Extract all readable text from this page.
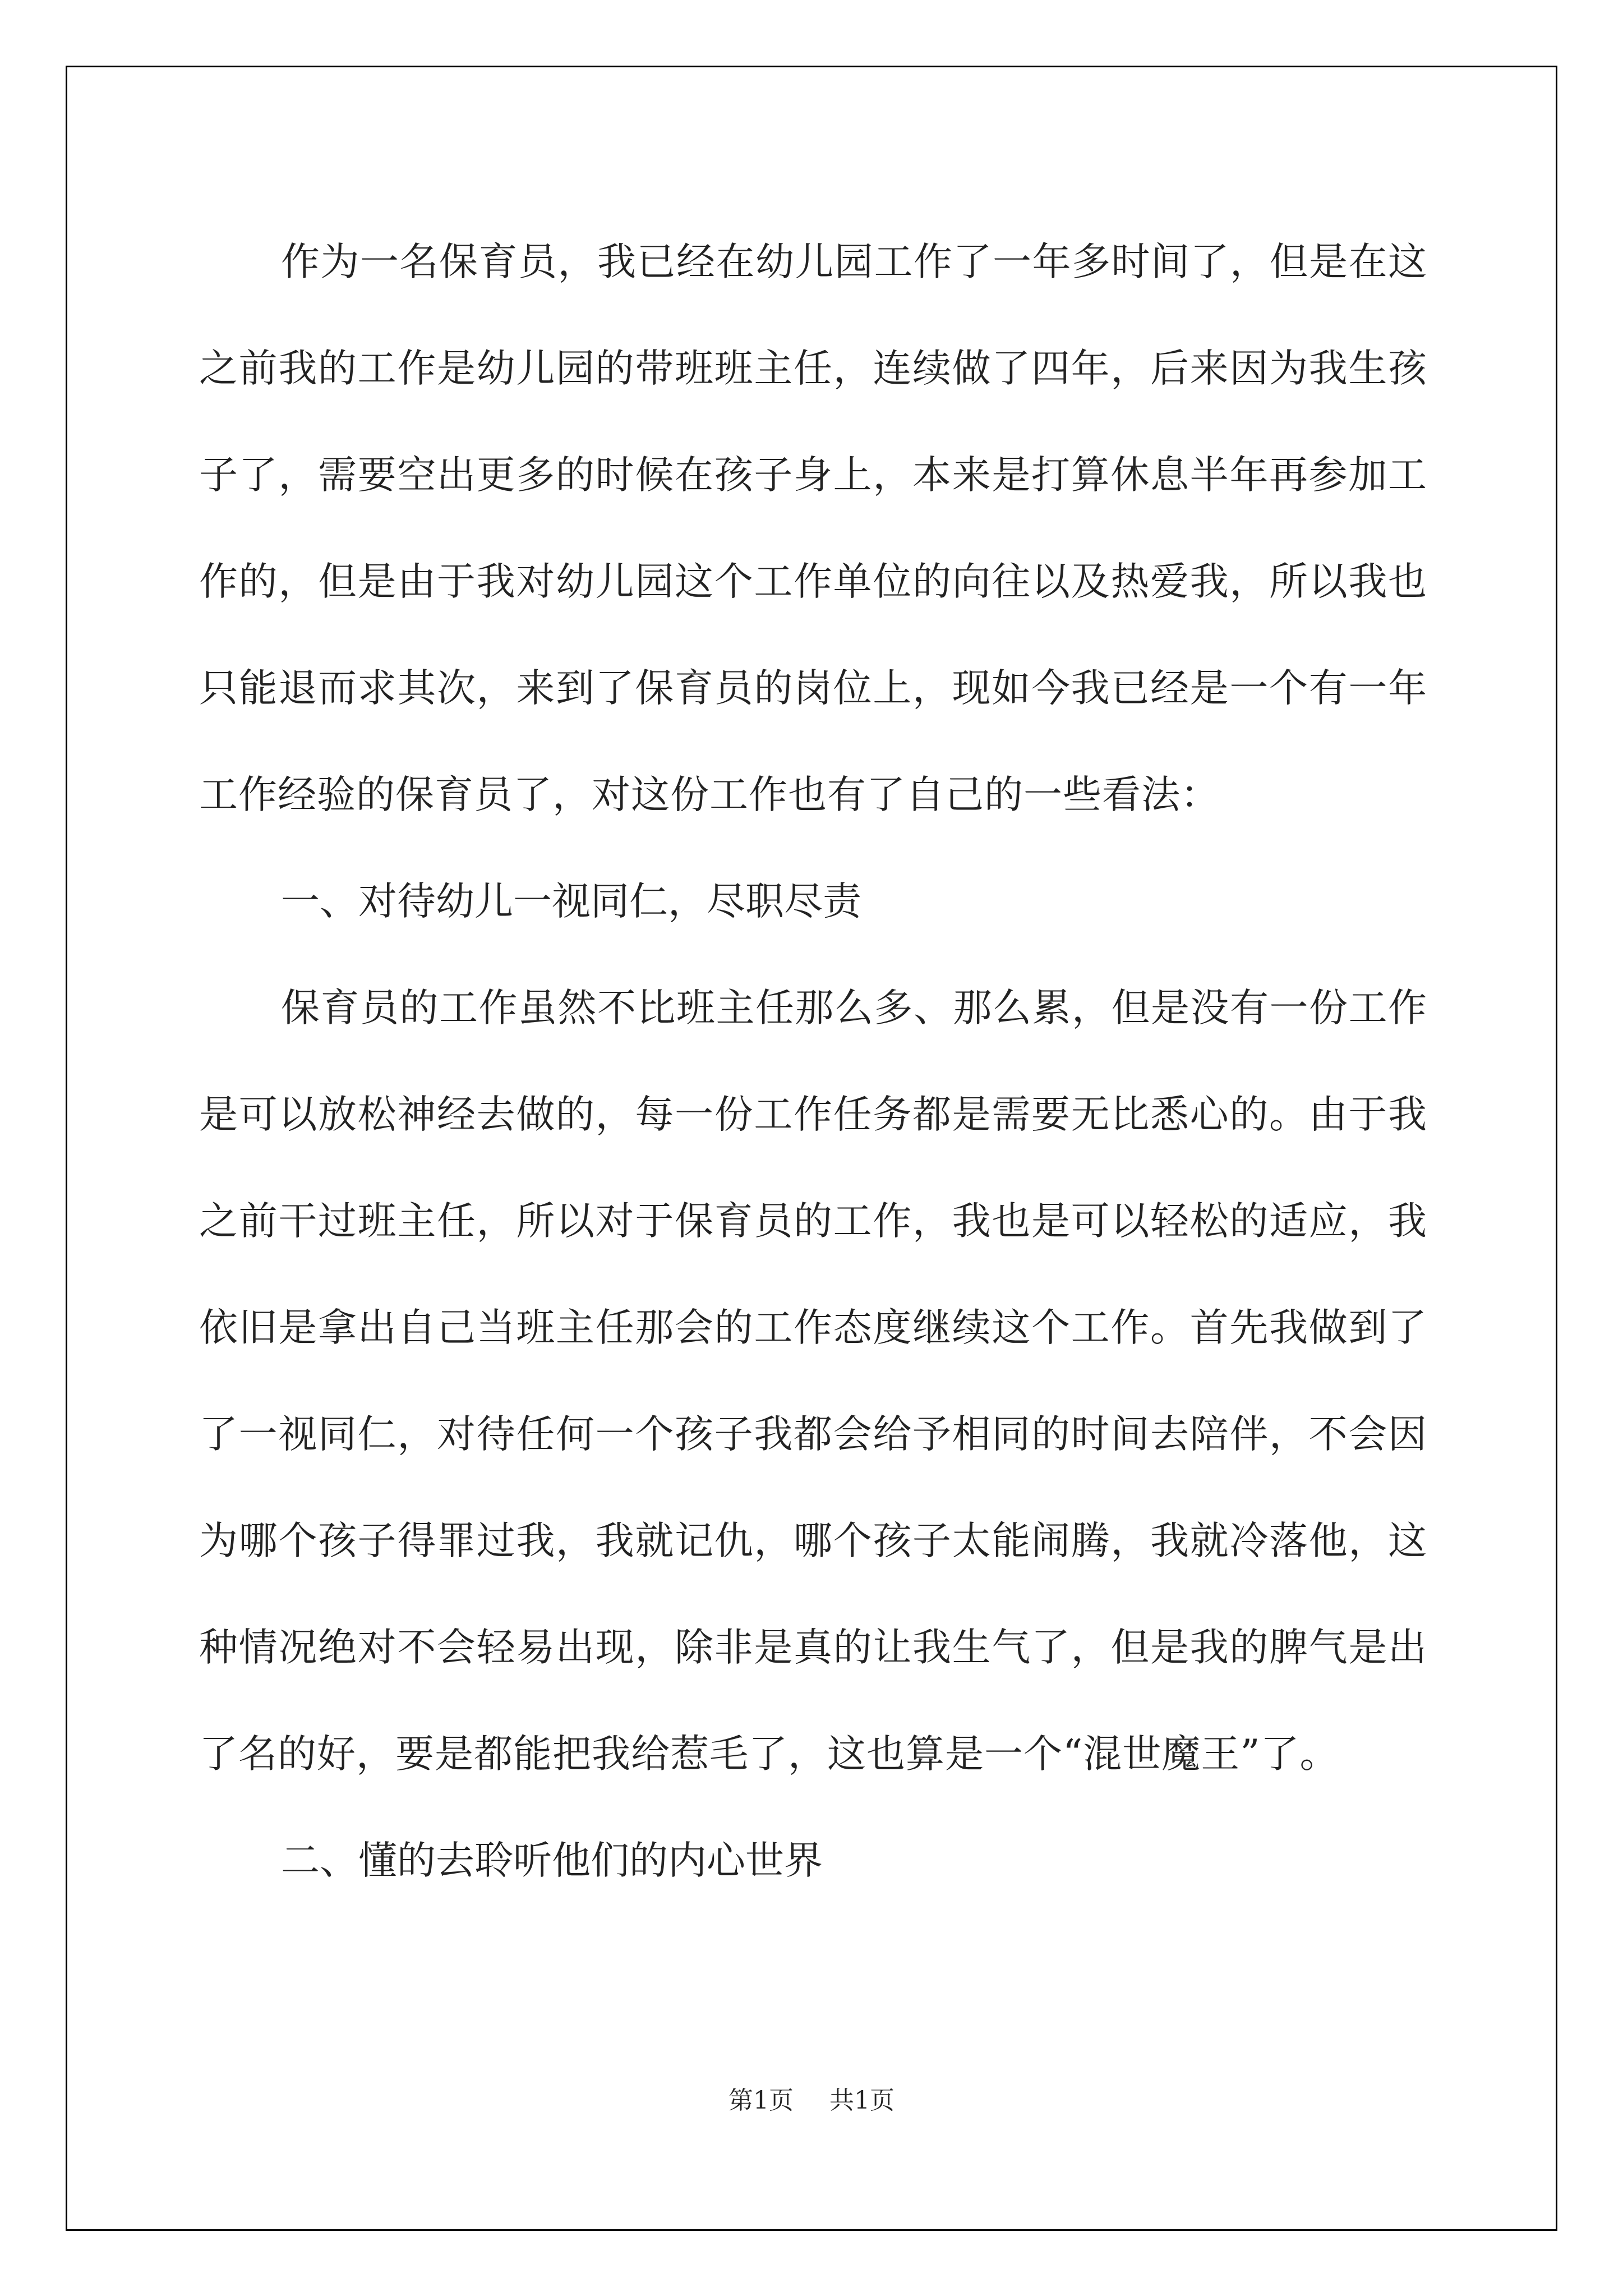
作为一名保育员，我已经在幼儿园工作了一年多时间了，但是在这之前我的工作是幼儿园的带班班主任，连续做了四年，后来因为我生孩子了，需要空出更多的时候在孩子身上，本来是打算休息半年再参加工作的，但是由于我对幼儿园这个工作单位的向往以及热爱我，所以我也只能退而求其次，来到了保育员的岗位上，现如今我已经是一个有一年工作经验的保育员了，对这份工作也有了自己的一些看法：

一、对待幼儿一视同仁，尽职尽责

保育员的工作虽然不比班主任那么多、那么累，但是没有一份工作是可以放松神经去做的，每一份工作任务都是需要无比悉心的。由于我之前干过班主任，所以对于保育员的工作，我也是可以轻松的适应，我依旧是拿出自己当班主任那会的工作态度继续这个工作。首先我做到了了一视同仁，对待任何一个孩子我都会给予相同的时间去陪伴，不会因为哪个孩子得罪过我，我就记仇，哪个孩子太能闹腾，我就冷落他，这种情况绝对不会轻易出现，除非是真的让我生气了，但是我的脾气是出了名的好，要是都能把我给惹毛了，这也算是一个“混世魔王”了。

二、懂的去聆听他们的内心世界

第1页 共1页
